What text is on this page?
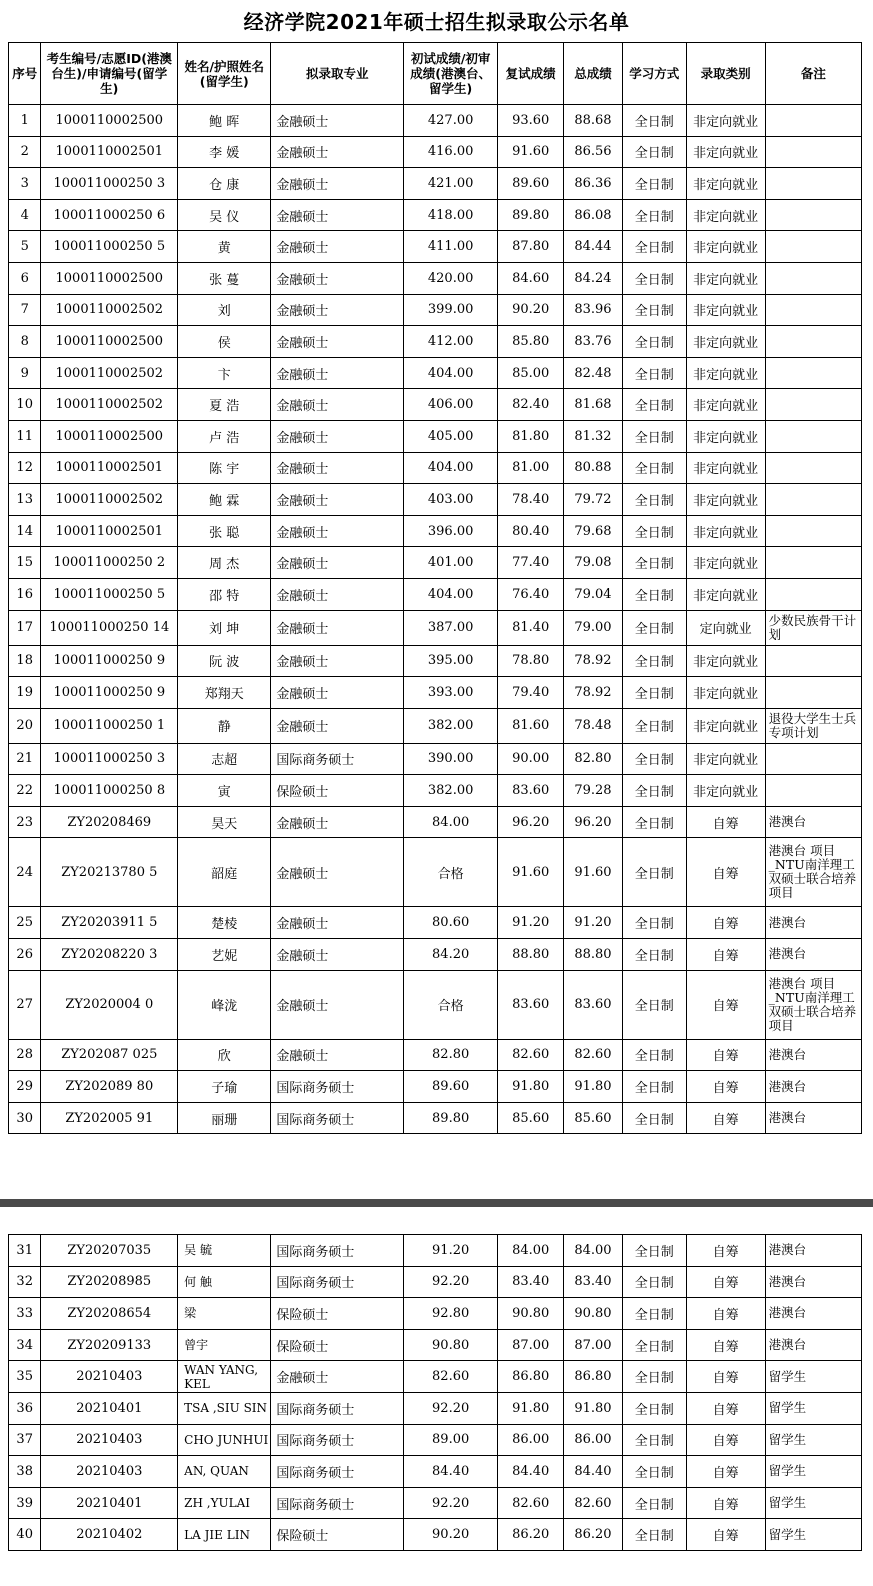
经济学院2021年硕士招生拟录取公示名单
序号	考生编号/志愿ID(港澳台生)/申请编号(留学生)	姓名/护照姓名(留学生)	拟录取专业	初试成绩/初审成绩(港澳台、留学生)	复试成绩	总成绩	学习方式	录取类别	备注
1	1000110002500	鲍 晖	金融硕士	427.00	93.60	88.68	全日制	非定向就业	
2	1000110002501	李 媛	金融硕士	416.00	91.60	86.56	全日制	非定向就业	
3	100011000250 3	仓 康	金融硕士	421.00	89.60	86.36	全日制	非定向就业	
4	100011000250 6	吴 仪	金融硕士	418.00	89.80	86.08	全日制	非定向就业	
5	100011000250 5	黄	金融硕士	411.00	87.80	84.44	全日制	非定向就业	
6	1000110002500	张 蔓	金融硕士	420.00	84.60	84.24	全日制	非定向就业	
7	1000110002502	刘	金融硕士	399.00	90.20	83.96	全日制	非定向就业	
8	1000110002500	侯	金融硕士	412.00	85.80	83.76	全日制	非定向就业	
9	1000110002502	卞	金融硕士	404.00	85.00	82.48	全日制	非定向就业	
10	1000110002502	夏 浩	金融硕士	406.00	82.40	81.68	全日制	非定向就业	
11	1000110002500	卢 浩	金融硕士	405.00	81.80	81.32	全日制	非定向就业	
12	1000110002501	陈 宇	金融硕士	404.00	81.00	80.88	全日制	非定向就业	
13	1000110002502	鲍 霖	金融硕士	403.00	78.40	79.72	全日制	非定向就业	
14	1000110002501	张 聪	金融硕士	396.00	80.40	79.68	全日制	非定向就业	
15	100011000250 2	周 杰	金融硕士	401.00	77.40	79.08	全日制	非定向就业	
16	100011000250 5	邵 特	金融硕士	404.00	76.40	79.04	全日制	非定向就业	
17	100011000250 14	刘 坤	金融硕士	387.00	81.40	79.00	全日制	定向就业	少数民族骨干计划
18	100011000250 9	阮 波	金融硕士	395.00	78.80	78.92	全日制	非定向就业	
19	100011000250 9	郑翔天	金融硕士	393.00	79.40	78.92	全日制	非定向就业	
20	100011000250 1	静	金融硕士	382.00	81.60	78.48	全日制	非定向就业	退役大学生士兵专项计划
21	100011000250 3	志超	国际商务硕士	390.00	90.00	82.80	全日制	非定向就业	
22	100011000250 8	寅	保险硕士	382.00	83.60	79.28	全日制	非定向就业	
23	ZY20208469	昊天	金融硕士	84.00	96.20	96.20	全日制	自筹	港澳台
24	ZY20213780 5	韶庭	金融硕士	合格	91.60	91.60	全日制	自筹	港澳台 项目_NTU南洋理工双硕士联合培养项目
25	ZY20203911 5	楚棱	金融硕士	80.60	91.20	91.20	全日制	自筹	港澳台
26	ZY20208220 3	艺妮	金融硕士	84.20	88.80	88.80	全日制	自筹	港澳台
27	ZY2020004 0	峰泷	金融硕士	合格	83.60	83.60	全日制	自筹	港澳台 项目_NTU南洋理工双硕士联合培养项目
28	ZY202087 025	欣	金融硕士	82.80	82.60	82.60	全日制	自筹	港澳台
29	ZY202089 80	子瑜	国际商务硕士	89.60	91.80	91.80	全日制	自筹	港澳台
30	ZY202005 91	丽珊	国际商务硕士	89.80	85.60	85.60	全日制	自筹	港澳台
31	ZY20207035	吴 毓	国际商务硕士	91.20	84.00	84.00	全日制	自筹	港澳台
32	ZY20208985	何 触	国际商务硕士	92.20	83.40	83.40	全日制	自筹	港澳台
33	ZY20208654	梁	保险硕士	92.80	90.80	90.80	全日制	自筹	港澳台
34	ZY20209133	曾宇	保险硕士	90.80	87.00	87.00	全日制	自筹	港澳台
35	20210403	WAN YANG, KEL	金融硕士	82.60	86.80	86.80	全日制	自筹	留学生
36	20210401	TSA ,SIU SIN	国际商务硕士	92.20	91.80	91.80	全日制	自筹	留学生
37	20210403	CHO JUNHUI	国际商务硕士	89.00	86.00	86.00	全日制	自筹	留学生
38	20210403	AN, QUAN	国际商务硕士	84.40	84.40	84.40	全日制	自筹	留学生
39	20210401	ZH ,YULAI	国际商务硕士	92.20	82.60	82.60	全日制	自筹	留学生
40	20210402	LA JIE LIN	保险硕士	90.20	86.20	86.20	全日制	自筹	留学生
